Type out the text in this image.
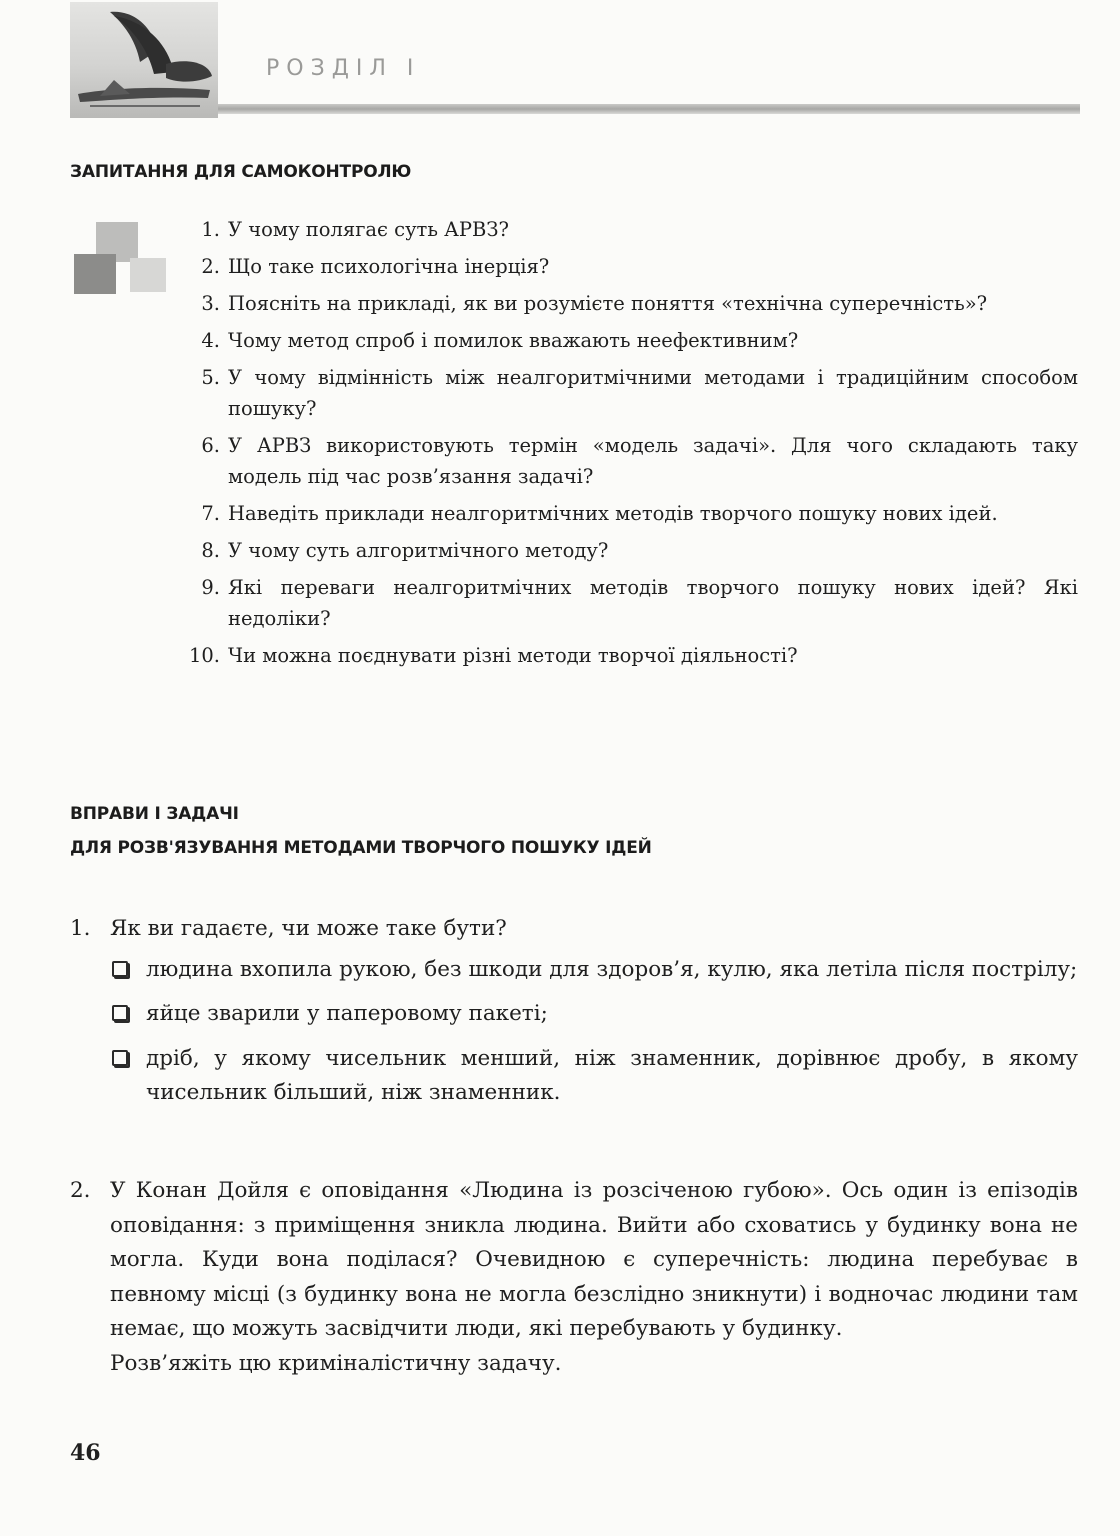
РОЗДІЛ І
ЗАПИТАННЯ ДЛЯ САМОКОНТРОЛЮ
1. У чому полягає суть АРВЗ?
2. Що таке психологічна інерція?
3. Поясніть на прикладі, як ви розумієте поняття «технічна суперечність»?
4. Чому метод спроб і помилок вважають неефективним?
5. У чому відмінність між неалгоритмічними методами і традиційним способом пошуку?
6. У АРВЗ використовують термін «модель задачі». Для чого складають таку модель під час розв’язання задачі?
7. Наведіть приклади неалгоритмічних методів творчого пошуку нових ідей.
8. У чому суть алгоритмічного методу?
9. Які переваги неалгоритмічних методів творчого пошуку нових ідей? Які недоліки?
10. Чи можна поєднувати різні методи творчої діяльності?
ВПРАВИ І ЗАДАЧІ
ДЛЯ РОЗВ'ЯЗУВАННЯ МЕТОДАМИ ТВОРЧОГО ПОШУКУ ІДЕЙ
1. Як ви гадаєте, чи може таке бути?
людина вхопила рукою, без шкоди для здоров’я, кулю, яка летіла після пострілу;
яйце зварили у паперовому пакеті;
дріб, у якому чисельник менший, ніж знаменник, дорівнює дробу, в якому чисельник більший, ніж знаменник.
2. У Конан Дойля є оповідання «Людина із розсіченою губою». Ось один із епізодів оповідання: з приміщення зникла людина. Вийти або сховатись у будинку вона не могла. Куди вона поділася? Очевидною є суперечність: людина перебуває в певному місці (з будинку вона не могла безслідно зникнути) і водночас людини там немає, що можуть засвідчити люди, які перебувають у будинку.
Розв’яжіть цю криміналістичну задачу.
46
